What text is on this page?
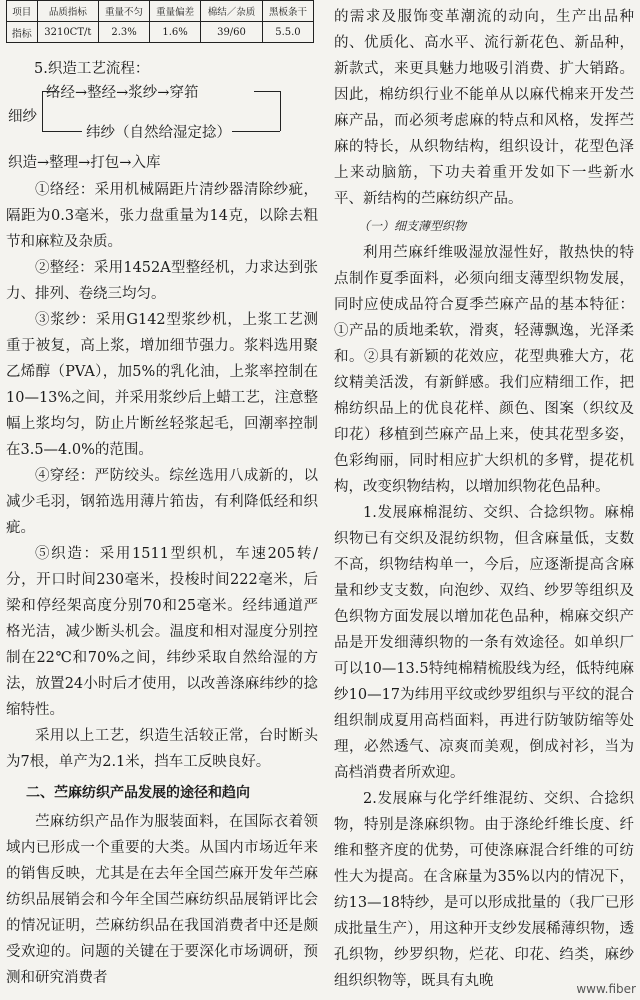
项目	品质指标	重量不匀	重量偏差	棉结／杂质	黑板条干
指标	3210CT/t	2.3%	1.6%	39/60	5.5.0
5.织造工艺流程：
细纱
络经→整经→浆纱→穿筘
纬纱（自然给湿定捻）
织造→整理→打包→入库

①络经：采用机械隔距片清纱器清除纱疵，隔距为0.3毫米，张力盘重量为14克，以除去粗节和麻粒及杂质。

②整经：采用1452A型整经机，力求达到张力、排列、卷绕三均匀。

③浆纱：采用G142型浆纱机，上浆工艺测重于被复，高上浆，增加细节强力。浆料选用聚乙烯醇（PVA），加5%的乳化油，上浆率控制在10—13%之间，并采用浆纱后上蜡工艺，注意整幅上浆均匀，防止片断丝轻浆起毛，回潮率控制在3.5—4.0%的范围。

④穿经：严防绞头。综丝选用八成新的，以减少毛羽，钢筘选用薄片筘齿，有利降低经和织疵。

⑤织造：采用1511型织机，车速205转/分，开口时间230毫米，投梭时间222毫米，后梁和停经架高度分别70和25毫米。经纬通道严格光洁，减少断头机会。温度和相对湿度分别控制在22℃和70%之间，纬纱采取自然给湿的方法，放置24小时后才使用，以改善涤麻纬纱的捻缩特性。

采用以上工艺，织造生活较正常，台时断头为7根，单产为2.1米，挡车工反映良好。

二、苎麻纺织产品发展的途径和趋向

苎麻纺织产品作为服装面料，在国际衣着领域内已形成一个重要的大类。从国内市场近年来的销售反映，尤其是在去年全国苎麻开发年苎麻纺织品展销会和今年全国苎麻纺织品展销评比会的情况证明，苎麻纺织品在我国消费者中还是颇受欢迎的。问题的关键在于要深化市场调研，预测和研究消费者

的需求及服饰变革潮流的动向，生产出品种的、优质化、高水平、流行新花色、新品种，新款式，来更具魅力地吸引消费、扩大销路。因此，棉纺织行业不能单从以麻代棉来开发苎麻产品，而必须考虑麻的特点和风格，发挥苎麻的特长，从织物结构，组织设计，花型色泽上来动脑筋，下功夫着重开发如下一些新水平、新结构的苎麻纺织产品。

（一）细支薄型织物

利用苎麻纤维吸湿放湿性好，散热快的特点制作夏季面料，必须向细支薄型织物发展，同时应使成品符合夏季苎麻产品的基本特征：①产品的质地柔软，滑爽，轻薄飘逸，光泽柔和。②具有新颖的花效应，花型典雅大方，花纹精美活泼，有新鲜感。我们应精细工作，把棉纺织品上的优良花样、颜色、图案（织纹及印花）移植到苎麻产品上来，使其花型多姿，色彩绚丽，同时相应扩大织机的多臂，提花机构，改变织物结构，以增加织物花色品种。

1.发展麻棉混纺、交织、合捻织物。麻棉织物已有交织及混纺织物，但含麻量低，支数不高，织物结构单一，今后，应逐渐提高含麻量和纱支支数，向泡纱、双绉、纱罗等组织及色织物方面发展以增加花色品种，棉麻交织产品是开发细薄织物的一条有效途径。如单织厂可以10—13.5特纯棉精梳股线为经，低特纯麻纱10—17为纬用平纹或纱罗组织与平纹的混合组织制成夏用高档面料，再进行防皱防缩等处理，必然透气、凉爽而美观，倒成衬衫，当为高档消费者所欢迎。

2.发展麻与化学纤维混纺、交织、合捻织物，特别是涤麻织物。由于涤纶纤维长度、纤维和整齐度的优势，可使涤麻混合纤维的可纺性大为提高。在含麻量为35%以内的情况下，纺13—18特纱，是可以形成批量的（我厂已形成批量生产），用这种开支纱发展稀薄织物，透孔织物，纱罗织物，烂花、印花、绉类，麻纱组织织物等，既具有丸晚	www.fiber
